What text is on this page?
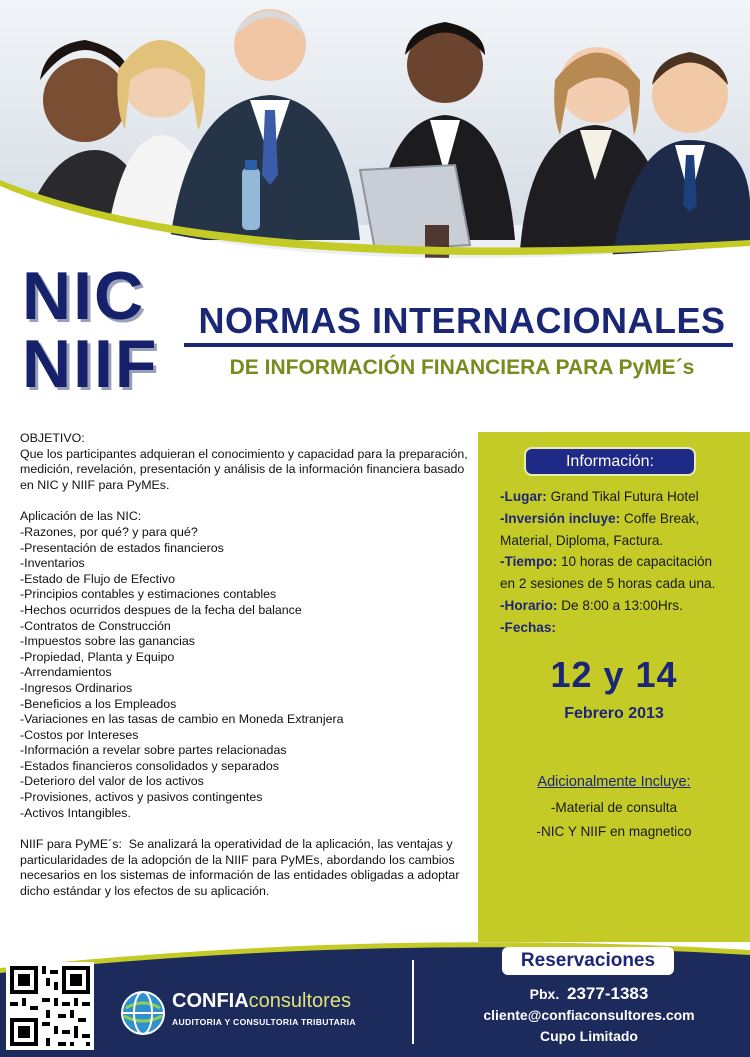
NIC
NIIF
NORMAS INTERNACIONALES
DE INFORMACIÓN FINANCIERA PARA PyME´s

OBJETIVO:

Que los participantes adquieran el conocimiento y capacidad para la preparación, medición, revelación, presentación y análisis de la información financiera basado en NIC y NIIF para PyMEs.

Aplicación de las NIC:

-Razones, por qué? y para qué?
-Presentación de estados financieros
-Inventarios
-Estado de Flujo de Efectivo
-Principios contables y estimaciones contables
-Hechos ocurridos despues de la fecha del balance
-Contratos de Construcción
-Impuestos sobre las ganancias
-Propiedad, Planta y Equipo
-Arrendamientos
-Ingresos Ordinarios
-Beneficios a los Empleados
-Variaciones en las tasas de cambio en Moneda Extranjera
-Costos por Intereses
-Información a revelar sobre partes relacionadas
-Estados financieros consolidados y separados
-Deterioro del valor de los activos
-Provisiones, activos y pasivos contingentes
-Activos Intangibles.

NIIF para PyME´s: Se analizará la operatividad de la aplicación, las ventajas y particularidades de la adopción de la NIIF para PyMEs, abordando los cambios necesarios en los sistemas de información de las entidades obligadas a adoptar dicho estándar y los efectos de su aplicación.

Información:
-Lugar: Grand Tikal Futura Hotel
-Inversión incluye: Coffe Break,
Material, Diploma, Factura.
-Tiempo: 10 horas de capacitación
en 2 sesiones de 5 horas cada una.
-Horario: De 8:00 a 13:00Hrs.
-Fechas:
12 y 14
Febrero 2013
Adicionalmente Incluye:
-Material de consulta
-NIC Y NIIF en magnetico
CONFIAconsultores
AUDITORIA Y CONSULTORIA TRIBUTARIA
Reservaciones
Pbx. 2377-1383
cliente@confiaconsultores.com
Cupo Limitado
